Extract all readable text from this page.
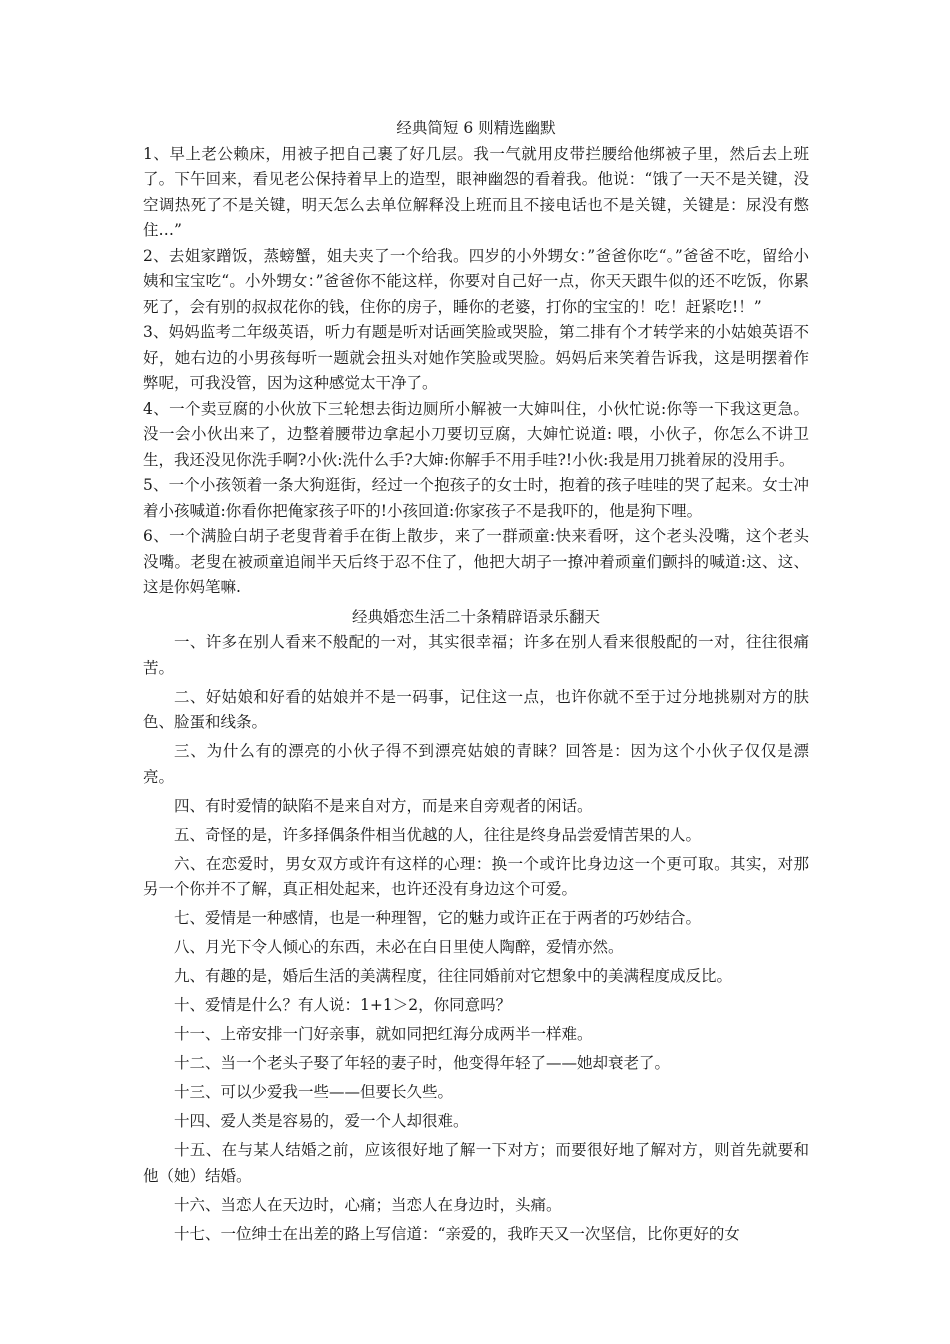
经典简短 6 则精选幽默

1、早上老公赖床，用被子把自己裹了好几层。我一气就用皮带拦腰给他绑被子里，然后去上班了。下午回来，看见老公保持着早上的造型，眼神幽怨的看着我。他说：“饿了一天不是关键，没空调热死了不是关键，明天怎么去单位解释没上班而且不接电话也不是关键，关键是：尿没有憋住…”

2、去姐家蹭饭，蒸螃蟹，姐夫夹了一个给我。四岁的小外甥女：”爸爸你吃“。”爸爸不吃，留给小姨和宝宝吃“。小外甥女：”爸爸你不能这样，你要对自己好一点，你天天跟牛似的还不吃饭，你累死了，会有别的叔叔花你的钱，住你的房子，睡你的老婆，打你的宝宝的！吃！赶紧吃!！”

3、妈妈监考二年级英语，听力有题是听对话画笑脸或哭脸，第二排有个才转学来的小姑娘英语不好，她右边的小男孩每听一题就会扭头对她作笑脸或哭脸。妈妈后来笑着告诉我，这是明摆着作弊呢，可我没管，因为这种感觉太干净了。

4、一个卖豆腐的小伙放下三轮想去街边厕所小解被一大婶叫住，小伙忙说:你等一下我这更急。没一会小伙出来了，边整着腰带边拿起小刀要切豆腐，大婶忙说道: 喂，小伙子，你怎么不讲卫生，我还没见你洗手啊?小伙:洗什么手?大婶:你解手不用手哇?!小伙:我是用刀挑着尿的没用手。

5、一个小孩领着一条大狗逛街，经过一个抱孩子的女士时，抱着的孩子哇哇的哭了起来。女士冲着小孩喊道:你看你把俺家孩子吓的!小孩回道:你家孩子不是我吓的，他是狗下哩。

6、一个满脸白胡子老叟背着手在街上散步，来了一群顽童:快来看呀，这个老头没嘴，这个老头没嘴。老叟在被顽童追闹半天后终于忍不住了，他把大胡子一撩冲着顽童们颤抖的喊道:这、这、这是你妈笔嘛.

经典婚恋生活二十条精辟语录乐翻天

一、许多在别人看来不般配的一对，其实很幸福；许多在别人看来很般配的一对，往往很痛苦。

二、好姑娘和好看的姑娘并不是一码事，记住这一点，也许你就不至于过分地挑剔对方的肤色、脸蛋和线条。

三、为什么有的漂亮的小伙子得不到漂亮姑娘的青睐？回答是：因为这个小伙子仅仅是漂亮。

四、有时爱情的缺陷不是来自对方，而是来自旁观者的闲话。

五、奇怪的是，许多择偶条件相当优越的人，往往是终身品尝爱情苦果的人。

六、在恋爱时，男女双方或许有这样的心理：换一个或许比身边这一个更可取。其实，对那另一个你并不了解，真正相处起来，也许还没有身边这个可爱。

七、爱情是一种感情，也是一种理智，它的魅力或许正在于两者的巧妙结合。

八、月光下令人倾心的东西，未必在白日里使人陶醉，爱情亦然。

九、有趣的是，婚后生活的美满程度，往往同婚前对它想象中的美满程度成反比。

十、爱情是什么？有人说：1+1＞2，你同意吗？

十一、上帝安排一门好亲事，就如同把红海分成两半一样难。

十二、当一个老头子娶了年轻的妻子时，他变得年轻了——她却衰老了。

十三、可以少爱我一些——但要长久些。

十四、爱人类是容易的，爱一个人却很难。

十五、在与某人结婚之前，应该很好地了解一下对方；而要很好地了解对方，则首先就要和他（她）结婚。

十六、当恋人在天边时，心痛；当恋人在身边时，头痛。

十七、一位绅士在出差的路上写信道：“亲爱的，我昨天又一次坚信，比你更好的女
